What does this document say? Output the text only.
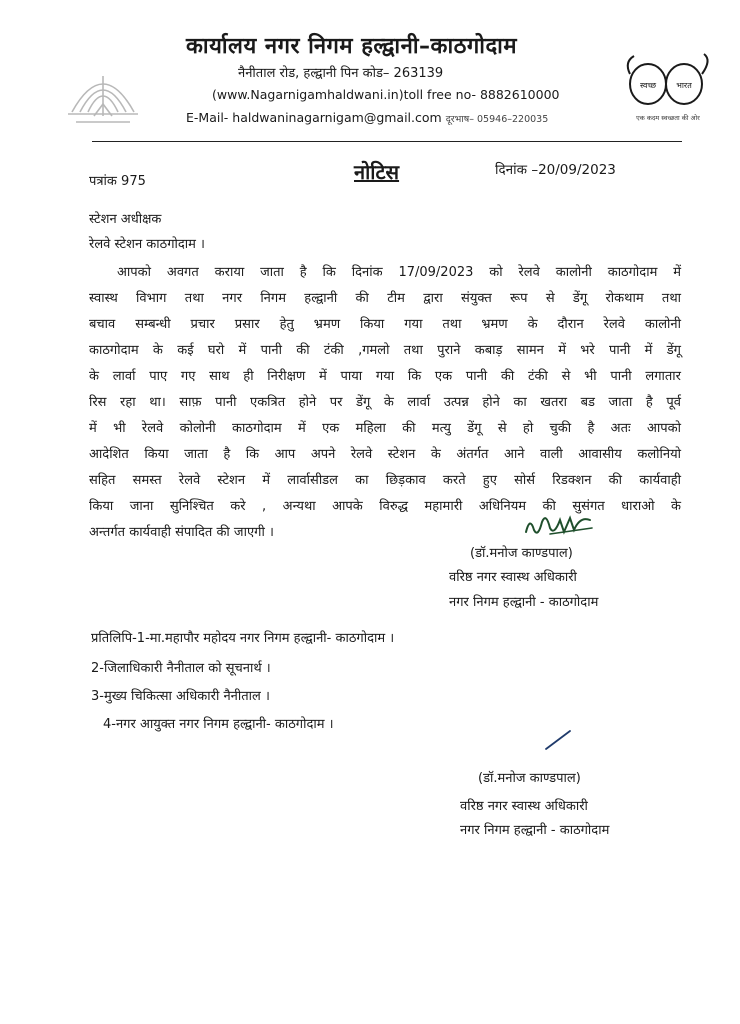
कार्यालय नगर निगम हल्द्वानी–काठगोदाम
नैनीताल रोड, हल्द्वानी पिन कोड– 263139
(www.Nagarnigamhaldwani.in)toll free no- 8882610000
E-Mail- haldwaninagarnigam@gmail.com दूरभाष– 05946–220035
स्वच्छ	भारत
एक कदम स्वच्छता की ओर
पत्रांक 975	नोटिस	दिनांक –20/09/2023
स्टेशन अधीक्षक
रेलवे स्टेशन काठगोदाम ।
आपको अवगत कराया जाता है कि दिनांक 17/09/2023 को रेलवे कालोनी काठगोदाम में
स्वास्थ विभाग तथा नगर निगम हल्द्वानी की टीम द्वारा संयुक्त रूप से डेंगू रोकथाम तथा
बचाव सम्बन्धी प्रचार प्रसार हेतु भ्रमण किया गया तथा भ्रमण के दौरान रेलवे कालोनी
काठगोदाम के कई घरो में पानी की टंकी ,गमलो तथा पुराने कबाड़ सामन में भरे पानी में डेंगू
के लार्वा पाए गए साथ ही निरीक्षण में पाया गया कि एक पानी की टंकी से भी पानी लगातार
रिस रहा था। साफ़ पानी एकत्रित होने पर डेंगू के लार्वा उत्पन्न होने का खतरा बड जाता है पूर्व
में भी रेलवे कोलोनी काठगोदाम में एक महिला की मत्यु डेंगू से हो चुकी है अतः आपको
आदेशित किया जाता है कि आप अपने रेलवे स्टेशन के अंतर्गत आने वाली आवासीय कलोनियो
सहित समस्त रेलवे स्टेशन में लार्वासीडल का छिड़काव करते हुए सोर्स रिडक्शन की कार्यवाही
किया जाना सुनिश्चित करे , अन्यथा आपके विरुद्ध महामारी अधिनियम की सुसंगत धाराओ के
अन्तर्गत कार्यवाही संपादित की जाएगी ।
(डॉ.मनोज काण्डपाल)
वरिष्ठ नगर स्वास्थ अधिकारी
नगर निगम हल्द्वानी - काठगोदाम
प्रतिलिपि-1-मा.महापौर महोदय नगर निगम हल्द्वानी- काठगोदाम ।
2-जिलाधिकारी नैनीताल को सूचनार्थ ।
3-मुख्य चिकित्सा अधिकारी नैनीताल ।
4-नगर आयुक्त नगर निगम हल्द्वानी- काठगोदाम ।
(डॉ.मनोज काण्डपाल)
वरिष्ठ नगर स्वास्थ अधिकारी
नगर निगम हल्द्वानी - काठगोदाम
